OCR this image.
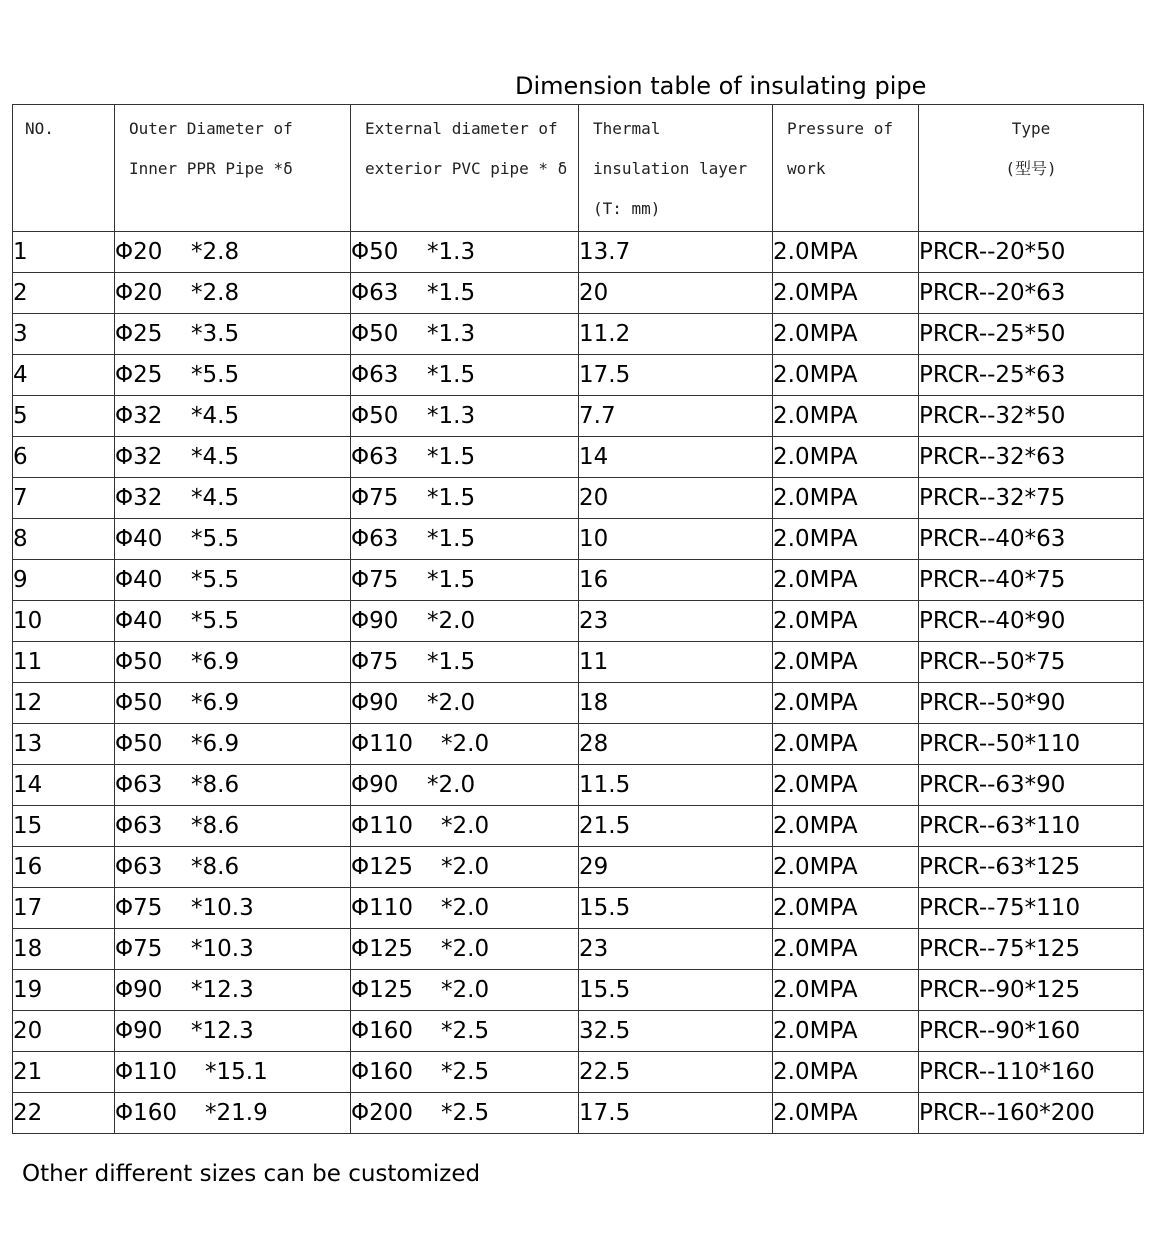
Dimension table of insulating pipe
NO.	Outer Diameter of Inner PPR Pipe *δ	External diameter of exterior PVC pipe * δ	Thermal insulation layer (T: mm)	Pressure of work	Type
(型号)

1	Φ20 *2.8	Φ50 *1.3	13.7	2.0MPA	PRCR--20*50
2	Φ20 *2.8	Φ63 *1.5	20	2.0MPA	PRCR--20*63
3	Φ25 *3.5	Φ50 *1.3	11.2	2.0MPA	PRCR--25*50
4	Φ25 *5.5	Φ63 *1.5	17.5	2.0MPA	PRCR--25*63
5	Φ32 *4.5	Φ50 *1.3	7.7	2.0MPA	PRCR--32*50
6	Φ32 *4.5	Φ63 *1.5	14	2.0MPA	PRCR--32*63
7	Φ32 *4.5	Φ75 *1.5	20	2.0MPA	PRCR--32*75
8	Φ40 *5.5	Φ63 *1.5	10	2.0MPA	PRCR--40*63
9	Φ40 *5.5	Φ75 *1.5	16	2.0MPA	PRCR--40*75
10	Φ40 *5.5	Φ90 *2.0	23	2.0MPA	PRCR--40*90
11	Φ50 *6.9	Φ75 *1.5	11	2.0MPA	PRCR--50*75
12	Φ50 *6.9	Φ90 *2.0	18	2.0MPA	PRCR--50*90
13	Φ50 *6.9	Φ110 *2.0	28	2.0MPA	PRCR--50*110
14	Φ63 *8.6	Φ90 *2.0	11.5	2.0MPA	PRCR--63*90
15	Φ63 *8.6	Φ110 *2.0	21.5	2.0MPA	PRCR--63*110
16	Φ63 *8.6	Φ125 *2.0	29	2.0MPA	PRCR--63*125
17	Φ75 *10.3	Φ110 *2.0	15.5	2.0MPA	PRCR--75*110
18	Φ75 *10.3	Φ125 *2.0	23	2.0MPA	PRCR--75*125
19	Φ90 *12.3	Φ125 *2.0	15.5	2.0MPA	PRCR--90*125
20	Φ90 *12.3	Φ160 *2.5	32.5	2.0MPA	PRCR--90*160
21	Φ110 *15.1	Φ160 *2.5	22.5	2.0MPA	PRCR--110*160
22	Φ160 *21.9	Φ200 *2.5	17.5	2.0MPA	PRCR--160*200
Other different sizes can be customized
